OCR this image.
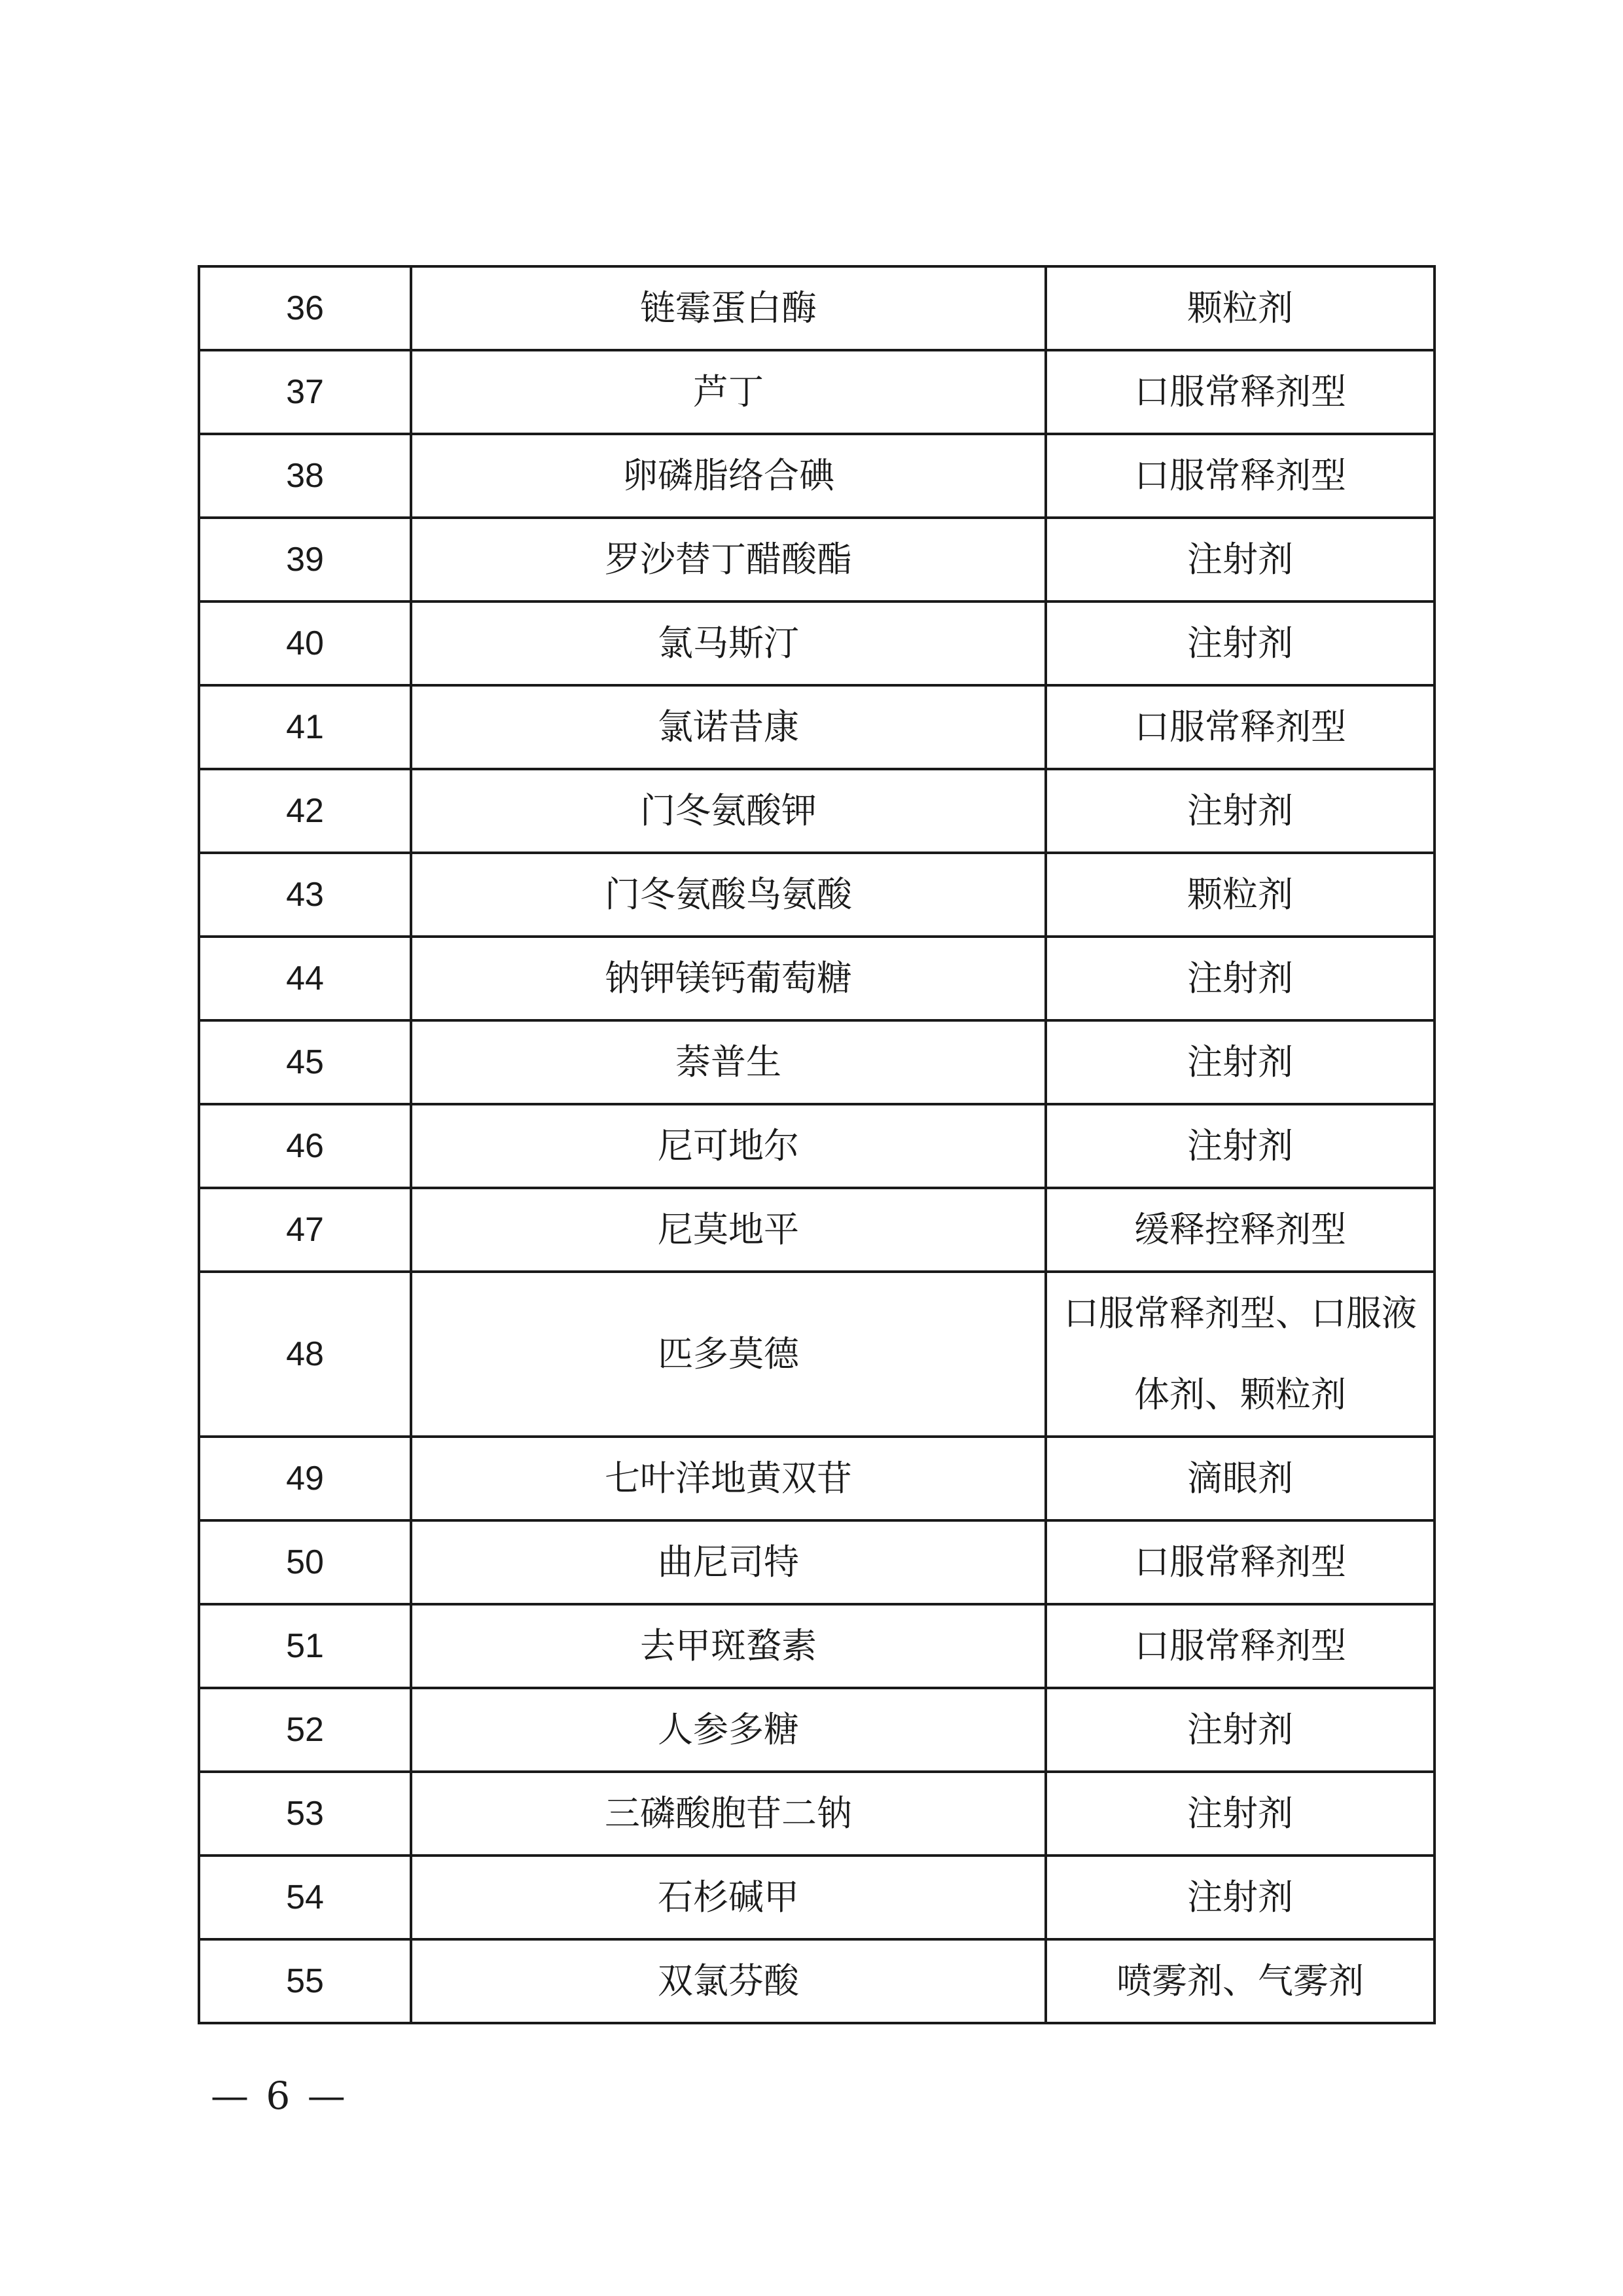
36	链霉蛋白酶	颗粒剂
37	芦丁	口服常释剂型
38	卵磷脂络合碘	口服常释剂型
39	罗沙替丁醋酸酯	注射剂
40	氯马斯汀	注射剂
41	氯诺昔康	口服常释剂型
42	门冬氨酸钾	注射剂
43	门冬氨酸鸟氨酸	颗粒剂
44	钠钾镁钙葡萄糖	注射剂
45	萘普生	注射剂
46	尼可地尔	注射剂
47	尼莫地平	缓释控释剂型
48	匹多莫德	口服常释剂型、口服液体剂、颗粒剂
49	七叶洋地黄双苷	滴眼剂
50	曲尼司特	口服常释剂型
51	去甲斑蝥素	口服常释剂型
52	人参多糖	注射剂
53	三磷酸胞苷二钠	注射剂
54	石杉碱甲	注射剂
55	双氯芬酸	喷雾剂、气雾剂
— 6 —
